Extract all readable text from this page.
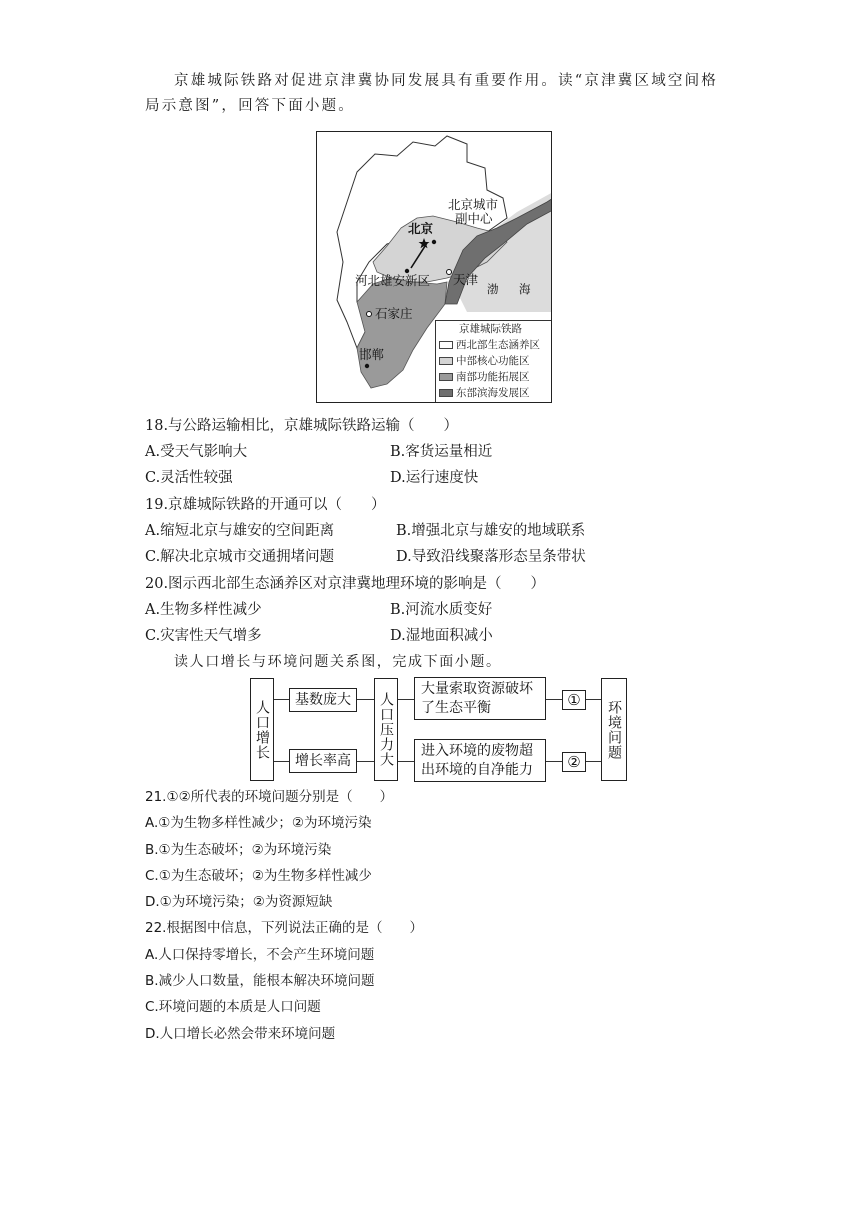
京雄城际铁路对促进京津冀协同发展具有重要作用。读“京津冀区域空间格
局示意图”，回答下面小题。
北京城市
副中心
北京
河北雄安新区 天津
渤 海
石家庄
邯郸
京雄城际铁路
西北部生态涵养区
中部核心功能区
南部功能拓展区
东部滨海发展区
18.与公路运输相比，京雄城际铁路运输（　　）
A.受天气影响大	B.客货运量相近
C.灵活性较强	D.运行速度快
19.京雄城际铁路的开通可以（　　）
A.缩短北京与雄安的空间距离	B.增强北京与雄安的地域联系
C.解决北京城市交通拥堵问题	D.导致沿线聚落形态呈条带状
20.图示西北部生态涵养区对京津冀地理环境的影响是（　　）
A.生物多样性减少	B.河流水质变好
C.灾害性天气增多	D.湿地面积减小
读人口增长与环境问题关系图，完成下面小题。
人口增长	基数庞大
增长率高	人口压力大
大量索取资源破坏
了生态平衡
进入环境的废物超
出环境的自净能力
①
②
环境问题
21.①②所代表的环境问题分别是（　　）
A.①为生物多样性减少；②为环境污染
B.①为生态破坏；②为环境污染
C.①为生态破坏；②为生物多样性减少
D.①为环境污染；②为资源短缺
22.根据图中信息，下列说法正确的是（　　）
A.人口保持零增长，不会产生环境问题
B.减少人口数量，能根本解决环境问题
C.环境问题的本质是人口问题
D.人口增长必然会带来环境问题
